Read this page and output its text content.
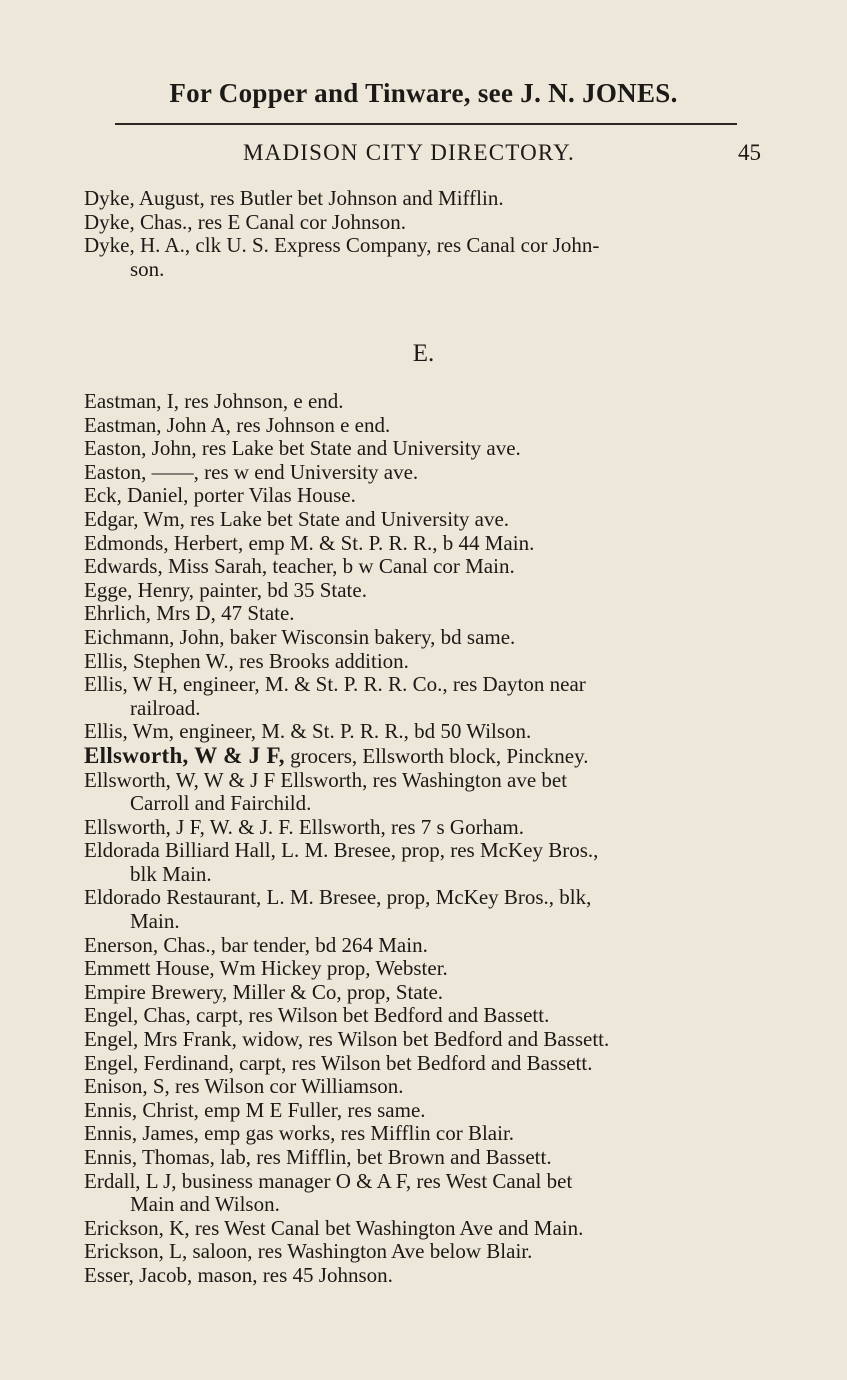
For Copper and Tinware, see J. N. JONES.
MADISON CITY DIRECTORY.	45
Dyke, August, res Butler bet Johnson and Mifflin.
Dyke, Chas., res E Canal cor Johnson.
Dyke, H. A., clk U. S. Express Company, res Canal cor John-
son.
E.
Eastman, I, res Johnson, e end.
Eastman, John A, res Johnson e end.
Easton, John, res Lake bet State and University ave.
Easton, ——, res w end University ave.
Eck, Daniel, porter Vilas House.
Edgar, Wm, res Lake bet State and University ave.
Edmonds, Herbert, emp M. & St. P. R. R., b 44 Main.
Edwards, Miss Sarah, teacher, b w Canal cor Main.
Egge, Henry, painter, bd 35 State.
Ehrlich, Mrs D, 47 State.
Eichmann, John, baker Wisconsin bakery, bd same.
Ellis, Stephen W., res Brooks addition.
Ellis, W H, engineer, M. & St. P. R. R. Co., res Dayton near
railroad.
Ellis, Wm, engineer, M. & St. P. R. R., bd 50 Wilson.
Ellsworth, W & J F, grocers, Ellsworth block, Pinckney.
Ellsworth, W, W & J F Ellsworth, res Washington ave bet
Carroll and Fairchild.
Ellsworth, J F, W. & J. F. Ellsworth, res 7 s Gorham.
Eldorada Billiard Hall, L. M. Bresee, prop, res McKey Bros.,
blk Main.
Eldorado Restaurant, L. M. Bresee, prop, McKey Bros., blk,
Main.
Enerson, Chas., bar tender, bd 264 Main.
Emmett House, Wm Hickey prop, Webster.
Empire Brewery, Miller & Co, prop, State.
Engel, Chas, carpt, res Wilson bet Bedford and Bassett.
Engel, Mrs Frank, widow, res Wilson bet Bedford and Bassett.
Engel, Ferdinand, carpt, res Wilson bet Bedford and Bassett.
Enison, S, res Wilson cor Williamson.
Ennis, Christ, emp M E Fuller, res same.
Ennis, James, emp gas works, res Mifflin cor Blair.
Ennis, Thomas, lab, res Mifflin, bet Brown and Bassett.
Erdall, L J, business manager O & A F, res West Canal bet
Main and Wilson.
Erickson, K, res West Canal bet Washington Ave and Main.
Erickson, L, saloon, res Washington Ave below Blair.
Esser, Jacob, mason, res 45 Johnson.
